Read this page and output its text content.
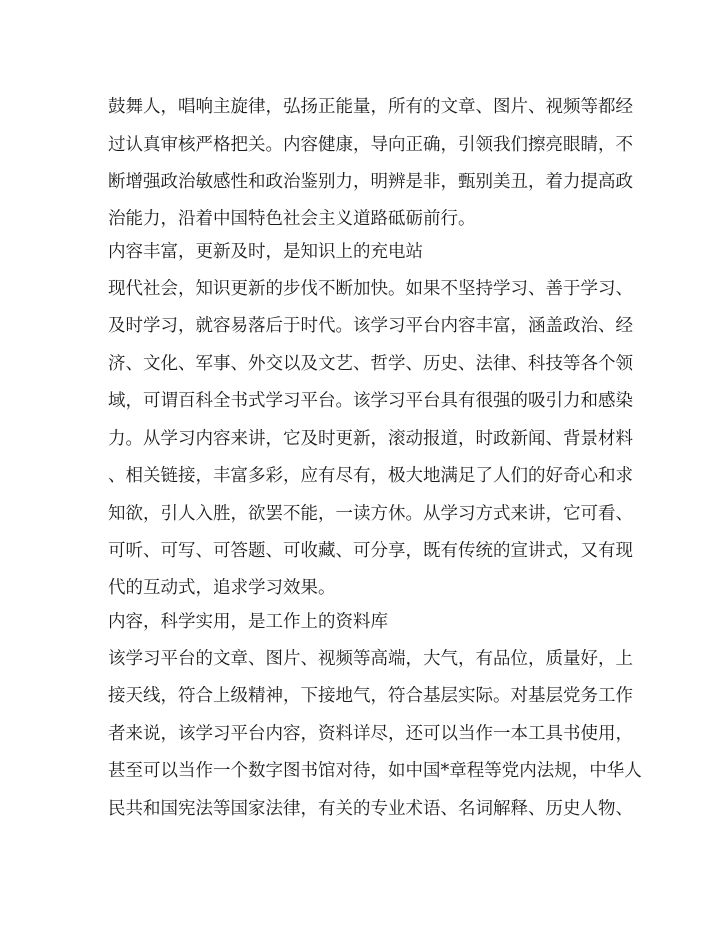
鼓舞人，唱响主旋律，弘扬正能量，所有的文章、图片、视频等都经
过认真审核严格把关。内容健康，导向正确，引领我们擦亮眼睛，不
断增强政治敏感性和政治鉴别力，明辨是非，甄别美丑，着力提高政
治能力，沿着中国特色社会主义道路砥砺前行。
内容丰富，更新及时，是知识上的充电站
现代社会，知识更新的步伐不断加快。如果不坚持学习、善于学习、
及时学习，就容易落后于时代。该学习平台内容丰富，涵盖政治、经
济、文化、军事、外交以及文艺、哲学、历史、法律、科技等各个领
域，可谓百科全书式学习平台。该学习平台具有很强的吸引力和感染
力。从学习内容来讲，它及时更新，滚动报道，时政新闻、背景材料
、相关链接，丰富多彩，应有尽有，极大地满足了人们的好奇心和求
知欲，引人入胜，欲罢不能，一读方休。从学习方式来讲，它可看、
可听、可写、可答题、可收藏、可分享，既有传统的宣讲式，又有现
代的互动式，追求学习效果。
内容，科学实用，是工作上的资料库
该学习平台的文章、图片、视频等高端，大气，有品位，质量好，上
接天线，符合上级精神，下接地气，符合基层实际。对基层党务工作
者来说，该学习平台内容，资料详尽，还可以当作一本工具书使用，
甚至可以当作一个数字图书馆对待，如中国*章程等党内法规，中华人
民共和国宪法等国家法律，有关的专业术语、名词解释、历史人物、
